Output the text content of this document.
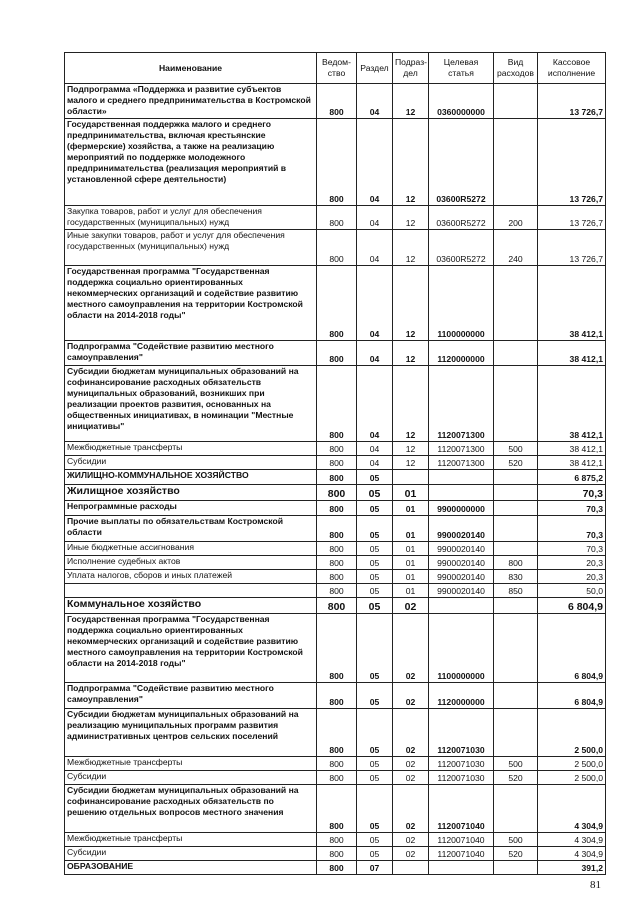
Наименование	Ведом-ство	Раздел	Подраз-дел	Целевая статья	Вид расходов	Кассовое исполнение
Подпрограмма «Поддержка и развитие субъектов малого и среднего предпринимательства в Костромской области»	800	04	12	0360000000		13 726,7
Государственная поддержка малого и среднего предпринимательства, включая крестьянские (фермерские) хозяйства, а также на реализацию мероприятий по поддержке молодежного предпринимательства (реализация мероприятий в установленной сфере деятельности)	800	04	12	03600R5272		13 726,7
Закупка товаров, работ и услуг для обеспечения государственных (муниципальных) нужд	800	04	12	03600R5272	200	13 726,7
Иные закупки товаров, работ и услуг для обеспечения государственных (муниципальных) нужд	800	04	12	03600R5272	240	13 726,7
Государственная программа "Государственная поддержка социально ориентированных некоммерческих организаций и содействие развитию местного самоуправления на территории Костромской области на 2014-2018 годы"	800	04	12	1100000000		38 412,1
Подпрограмма "Содействие развитию местного самоуправления"	800	04	12	1120000000		38 412,1
Субсидии бюджетам муниципальных образований на софинансирование расходных обязательств муниципальных образований, возникших при реализации проектов развития, основанных на общественных инициативах, в номинации "Местные инициативы"	800	04	12	1120071300		38 412,1
Межбюджетные трансферты	800	04	12	1120071300	500	38 412,1
Субсидии	800	04	12	1120071300	520	38 412,1
ЖИЛИЩНО-КОММУНАЛЬНОЕ ХОЗЯЙСТВО	800	05				6 875,2
Жилищное хозяйство	800	05	01			70,3
Непрограммные расходы	800	05	01	9900000000		70,3
Прочие выплаты по обязательствам Костромской области	800	05	01	9900020140		70,3
Иные бюджетные ассигнования	800	05	01	9900020140		70,3
Исполнение судебных актов	800	05	01	9900020140	800	20,3
Уплата налогов, сборов и иных платежей	800	05	01	9900020140	830	20,3
	800	05	01	9900020140	850	50,0
Коммунальное хозяйство	800	05	02			6 804,9
Государственная программа "Государственная поддержка социально ориентированных некоммерческих организаций и содействие развитию местного самоуправления на территории Костромской области на 2014-2018 годы"	800	05	02	1100000000		6 804,9
Подпрограмма "Содействие развитию местного самоуправления"	800	05	02	1120000000		6 804,9
Субсидии бюджетам муниципальных образований на реализацию муниципальных программ развития административных центров сельских поселений	800	05	02	1120071030		2 500,0
Межбюджетные трансферты	800	05	02	1120071030	500	2 500,0
Субсидии	800	05	02	1120071030	520	2 500,0
Субсидии бюджетам муниципальных образований на софинансирование расходных обязательств по решению отдельных вопросов местного значения	800	05	02	1120071040		4 304,9
Межбюджетные трансферты	800	05	02	1120071040	500	4 304,9
Субсидии	800	05	02	1120071040	520	4 304,9
ОБРАЗОВАНИЕ	800	07				391,2
81
